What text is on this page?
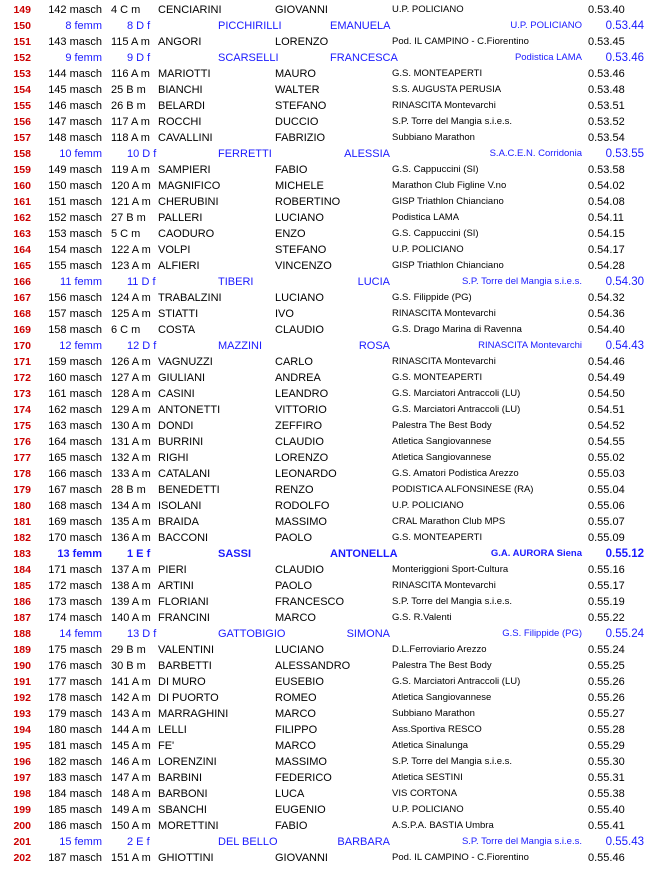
149	142 masch 4 C m	CENCIARINI	GIOVANNI	U.P. POLICIANO	0.53.40
150	8 femm 8 D f	PICCHIRILLI	EMANUELA	U.P. POLICIANO	0.53.44
151	143 masch 115 A m ANGORI	LORENZO	Pod. IL CAMPINO - C.Fiorentino	0.53.45
152	9 femm 9 D f	SCARSELLI	FRANCESCA	Podistica LAMA	0.53.46
153	144 masch 116 A m MARIOTTI	MAURO	G.S. MONTEAPERTI	0.53.46
154	145 masch 25 B m	BIANCHI	WALTER	S.S. AUGUSTA PERUSIA	0.53.48
155	146 masch 26 B m	BELARDI	STEFANO	RINASCITA Montevarchi	0.53.51
156	147 masch 117 A m ROCCHI	DUCCIO	S.P. Torre del Mangia s.i.e.s.	0.53.52
157	148 masch 118 A m CAVALLINI	FABRIZIO	Subbiano Marathon	0.53.54
158	10 femm 10 D f	FERRETTI	ALESSIA	S.A.C.E.N. Corridonia	0.53.55
159	149 masch 119 A m SAMPIERI	FABIO	G.S. Cappuccini (SI)	0.53.58
160	150 masch 120 A m MAGNIFICO	MICHELE	Marathon Club Figline V.no	0.54.02
161	151 masch 121 A m CHERUBINI	ROBERTINO	GISP Triathlon Chianciano	0.54.08
162	152 masch 27 B m	PALLERI	LUCIANO	Podistica LAMA	0.54.11
163	153 masch 5 C m	CAODURO	ENZO	G.S. Cappuccini (SI)	0.54.15
164	154 masch 122 A m VOLPI	STEFANO	U.P. POLICIANO	0.54.17
165	155 masch 123 A m ALFIERI	VINCENZO	GISP Triathlon Chianciano	0.54.28
166	11 femm 11 D f	TIBERI	LUCIA	S.P. Torre del Mangia s.i.e.s.	0.54.30
167	156 masch 124 A m TRABALZINI	LUCIANO	G.S. Filippide (PG)	0.54.32
168	157 masch 125 A m STIATTI	IVO	RINASCITA Montevarchi	0.54.36
169	158 masch 6 C m	COSTA	CLAUDIO	G.S. Drago Marina di Ravenna	0.54.40
170	12 femm 12 D f	MAZZINI	ROSA	RINASCITA Montevarchi	0.54.43
171	159 masch 126 A m VAGNUZZI	CARLO	RINASCITA Montevarchi	0.54.46
172	160 masch 127 A m GIULIANI	ANDREA	G.S. MONTEAPERTI	0.54.49
173	161 masch 128 A m CASINI	LEANDRO	G.S. Marciatori Antraccoli (LU)	0.54.50
174	162 masch 129 A m ANTONETTI	VITTORIO	G.S. Marciatori Antraccoli (LU)	0.54.51
175	163 masch 130 A m DONDI	ZEFFIRO	Palestra The Best Body	0.54.52
176	164 masch 131 A m BURRINI	CLAUDIO	Atletica Sangiovannese	0.54.55
177	165 masch 132 A m RIGHI	LORENZO	Atletica Sangiovannese	0.55.02
178	166 masch 133 A m CATALANI	LEONARDO	G.S. Amatori Podistica Arezzo	0.55.03
179	167 masch 28 B m	BENEDETTI	RENZO	PODISTICA ALFONSINESE (RA)	0.55.04
180	168 masch 134 A m ISOLANI	RODOLFO	U.P. POLICIANO	0.55.06
181	169 masch 135 A m BRAIDA	MASSIMO	CRAL Marathon Club MPS	0.55.07
182	170 masch 136 A m BACCONI	PAOLO	G.S. MONTEAPERTI	0.55.09
183	13 femm 1 E f	SASSI	ANTONELLA	G.A. AURORA Siena	0.55.12
184	171 masch 137 A m PIERI	CLAUDIO	Monteriggioni Sport-Cultura	0.55.16
185	172 masch 138 A m ARTINI	PAOLO	RINASCITA Montevarchi	0.55.17
186	173 masch 139 A m FLORIANI	FRANCESCO	S.P. Torre del Mangia s.i.e.s.	0.55.19
187	174 masch 140 A m FRANCINI	MARCO	G.S. R.Valenti	0.55.22
188	14 femm 13 D f	GATTOBIGIO	SIMONA	G.S. Filippide (PG)	0.55.24
189	175 masch 29 B m	VALENTINI	LUCIANO	D.L.Ferroviario Arezzo	0.55.24
190	176 masch 30 B m	BARBETTI	ALESSANDRO	Palestra The Best Body	0.55.25
191	177 masch 141 A m DI MURO	EUSEBIO	G.S. Marciatori Antraccoli (LU)	0.55.26
192	178 masch 142 A m DI PUORTO	ROMEO	Atletica Sangiovannese	0.55.26
193	179 masch 143 A m MARRAGHINI	MARCO	Subbiano Marathon	0.55.27
194	180 masch 144 A m LELLI	FILIPPO	Ass.Sportiva RESCO	0.55.28
195	181 masch 145 A m FE'	MARCO	Atletica Sinalunga	0.55.29
196	182 masch 146 A m LORENZINI	MASSIMO	S.P. Torre del Mangia s.i.e.s.	0.55.30
197	183 masch 147 A m BARBINI	FEDERICO	Atletica SESTINI	0.55.31
198	184 masch 148 A m BARBONI	LUCA	VIS CORTONA	0.55.38
199	185 masch 149 A m SBANCHI	EUGENIO	U.P. POLICIANO	0.55.40
200	186 masch 150 A m MORETTINI	FABIO	A.S.P.A. BASTIA Umbra	0.55.41
201	15 femm 2 E f	DEL BELLO	BARBARA	S.P. Torre del Mangia s.i.e.s.	0.55.43
202	187 masch 151 A m GHIOTTINI	GIOVANNI	Pod. IL CAMPINO - C.Fiorentino	0.55.46
